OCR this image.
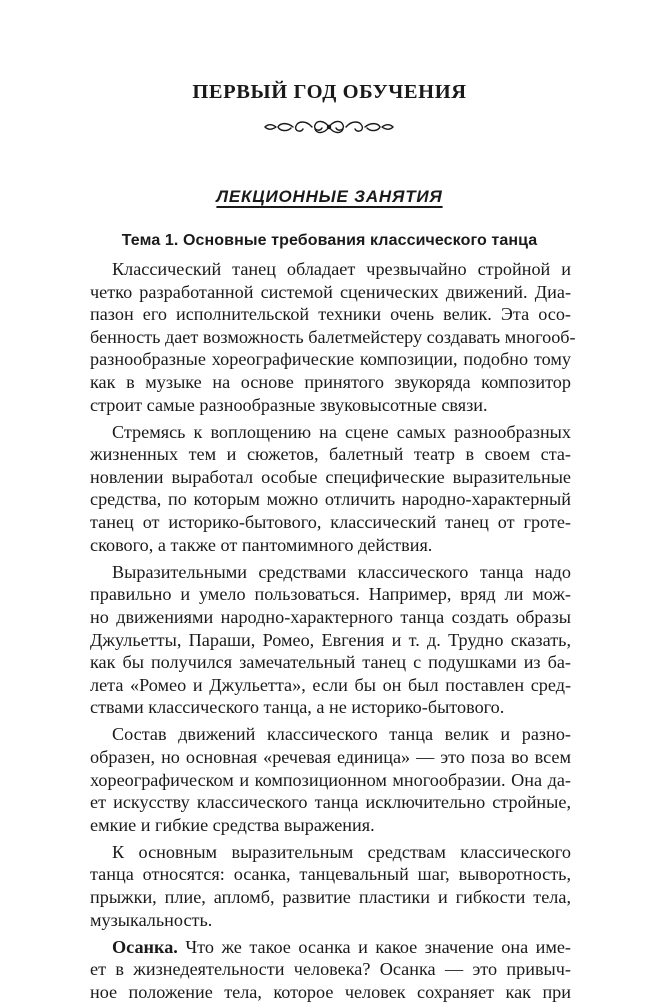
ПЕРВЫЙ ГОД ОБУЧЕНИЯ
ЛЕКЦИОННЫЕ ЗАНЯТИЯ
Тема 1. Основные требования классического танца
Классический танец обладает чрезвычайно стройной и
четко разработанной системой сценических движений. Диа-
пазон его исполнительской техники очень велик. Эта осо-
бенность дает возможность балетмейстеру создавать многооб-
разнообразные хореографические композиции, подобно тому
как в музыке на основе принятого звукоряда композитор
строит самые разнообразные звуковысотные связи.
Стремясь к воплощению на сцене самых разнообразных
жизненных тем и сюжетов, балетный театр в своем ста-
новлении выработал особые специфические выразительные
средства, по которым можно отличить народно-характерный
танец от историко-бытового, классический танец от гроте-
скового, а также от пантомимного действия.
Выразительными средствами классического танца надо
правильно и умело пользоваться. Например, вряд ли мож-
но движениями народно-характерного танца создать образы
Джульетты, Параши, Ромео, Евгения и т. д. Трудно сказать,
как бы получился замечательный танец с подушками из ба-
лета «Ромео и Джульетта», если бы он был поставлен сред-
ствами классического танца, а не историко-бытового.
Состав движений классического танца велик и разно-
образен, но основная «речевая единица» — это поза во всем
хореографическом и композиционном многообразии. Она да-
ет искусству классического танца исключительно стройные,
емкие и гибкие средства выражения.
К основным выразительным средствам классического
танца относятся: осанка, танцевальный шаг, выворотность,
прыжки, плие, апломб, развитие пластики и гибкости тела,
музыкальность.
Осанка. Что же такое осанка и какое значение она име-
ет в жизнедеятельности человека? Осанка — это привыч-
ное положение тела, которое человек сохраняет как при
